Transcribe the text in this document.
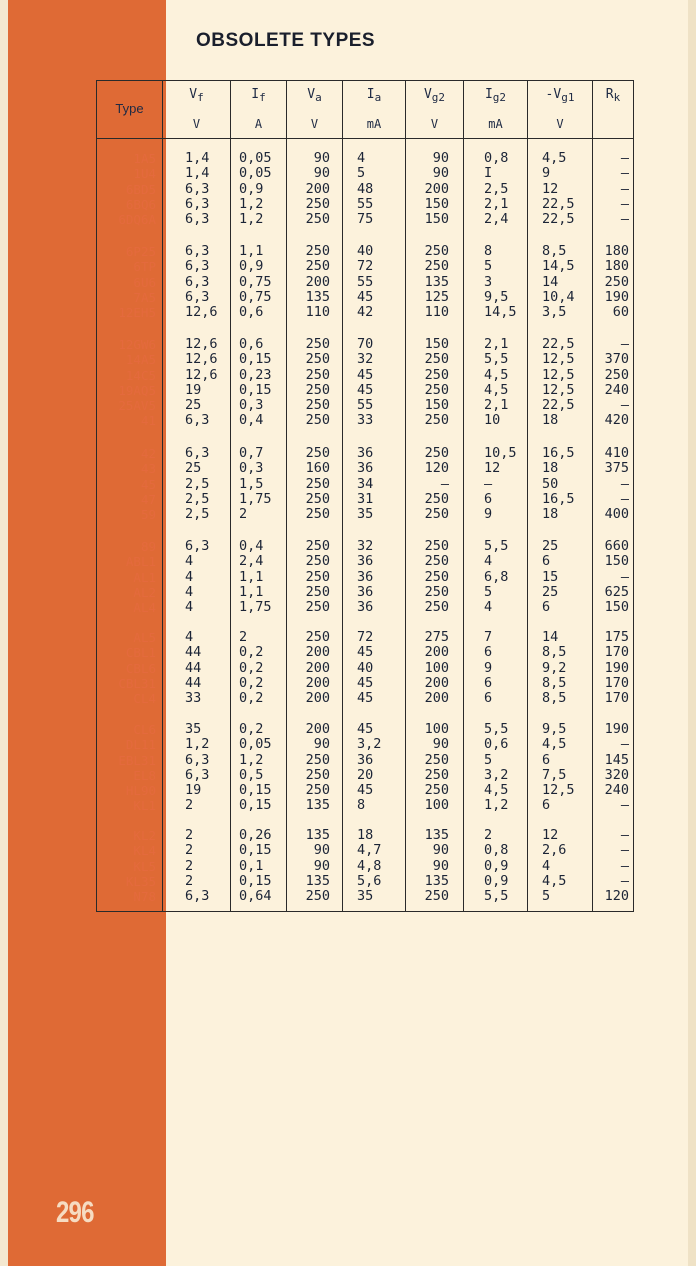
OBSOLETE TYPES
296
Type
1A5
1U4
6BD5
6BQ6
6DQ6A
6P25
6TP
6U6
7A5
12EH5
12GW6
14A5
14C5
19AQ5
25AV5
41
42
43
45
47
59
89
ABL1
AL1
AL2
AL4
AL5
CBL1
CBL6
CBL31
CL4
CL6
DL11
EBL31
EL8
HL90
KL1
KL2
KL4
KL5
KL35
N78
$V_f$
V
1,4
1,4
6,3
6,3
6,3
6,3
6,3
6,3
6,3
12,6
12,6
12,6
12,6
19
25
6,3
6,3
25
2,5
2,5
2,5
6,3
4
4
4
4
4
44
44
44
33
35
1,2
6,3
6,3
19
2
2
2
2
2
6,3
$I_f$
A
0,05
0,05
0,9
1,2
1,2
1,1
0,9
0,75
0,75
0,6
0,6
0,15
0,23
0,15
0,3
0,4
0,7
0,3
1,5
1,75
2
0,4
2,4
1,1
1,1
1,75
2
0,2
0,2
0,2
0,2
0,2
0,05
1,2
0,5
0,15
0,15
0,26
0,15
0,1
0,15
0,64
$V_a$
V
90
90
200
250
250
250
250
200
135
110
250
250
250
250
250
250
250
160
250
250
250
250
250
250
250
250
250
200
200
200
200
200
90
250
250
250
135
135
90
90
135
250
$I_a$
mA
4
5
48
55
75
40
72
55
45
42
70
32
45
45
55
33
36
36
34
31
35
32
36
36
36
36
72
45
40
45
45
45
3,2
36
20
45
8
18
4,7
4,8
5,6
35
$V_{g2}$
V
90
90
200
150
150
250
250
135
125
110
150
250
250
250
150
250
250
120
–
250
250
250
250
250
250
250
275
200
100
200
200
100
90
250
250
250
100
135
90
90
135
250
$I_{g2}$
mA
0,8
I
2,5
2,1
2,4
8
5
3
9,5
14,5
2,1
5,5
4,5
4,5
2,1
10
10,5
12
–
6
9
5,5
4
6,8
5
4
7
6
9
6
6
5,5
0,6
5
3,2
4,5
1,2
2
0,8
0,9
0,9
5,5
$-V_{g1}$
V
4,5
9
12
22,5
22,5
8,5
14,5
14
10,4
3,5
22,5
12,5
12,5
12,5
22,5
18
16,5
18
50
16,5
18
25
6
15
25
6
14
8,5
9,2
8,5
8,5
9,5
4,5
6
7,5
12,5
6
12
2,6
4
4,5
5
$R_k$
–
–
–
–
–
180
180
250
190
60
–
370
250
240
–
420
410
375
–
–
400
660
150
–
625
150
175
170
190
170
170
190
–
145
320
240
–
–
–
–
–
120
